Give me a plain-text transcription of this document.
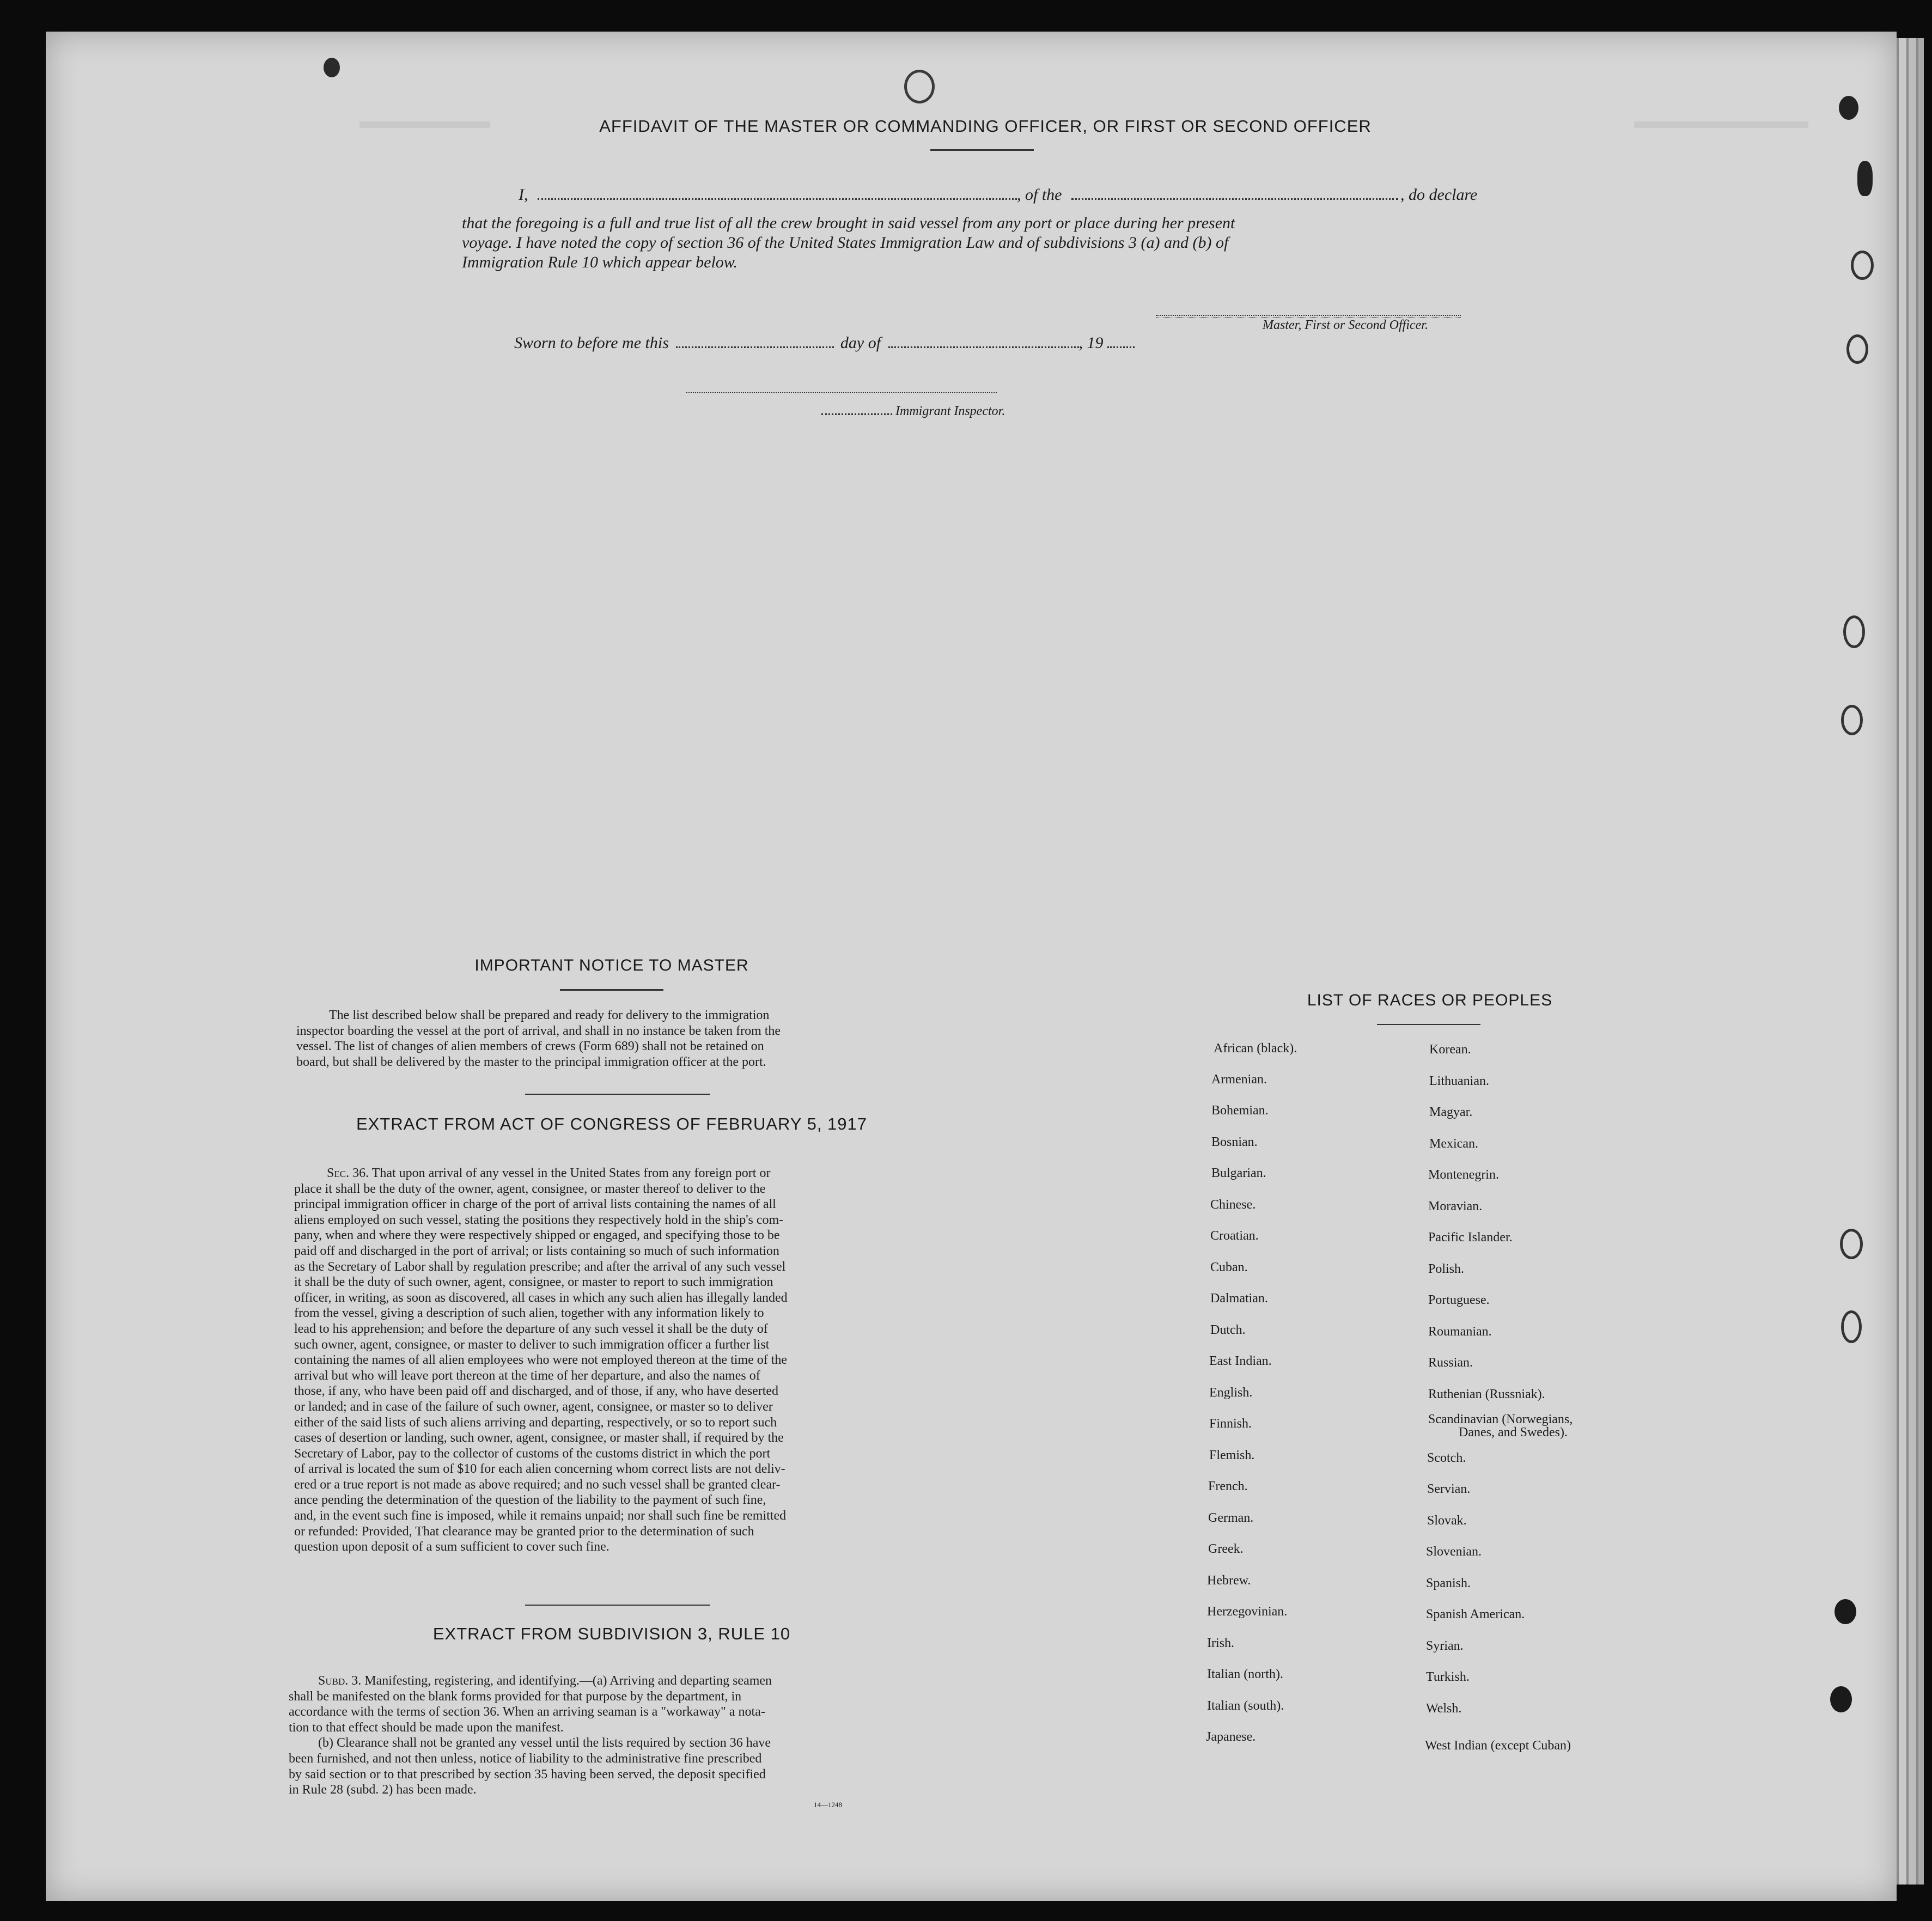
▬▬▬▬▬▬	▬▬▬▬▬▬▬▬
AFFIDAVIT OF THE MASTER OR COMMANDING OFFICER, OR FIRST OR SECOND OFFICER
I,	, of the	, do declare
that the foregoing is a full and true list of all the crew brought in said vessel from any port or place during her present
voyage. I have noted the copy of section 36 of the United States Immigration Law and of subdivisions 3 (a) and (b) of
Immigration Rule 10 which appear below.
Master, First or Second Officer.
Sworn to before me this	day of	, 19
Immigrant Inspector.
IMPORTANT NOTICE TO MASTER
The list described below shall be prepared and ready for delivery to the immigration
inspector boarding the vessel at the port of arrival, and shall in no instance be taken from the
vessel. The list of changes of alien members of crews (Form 689) shall not be retained on
board, but shall be delivered by the master to the principal immigration officer at the port.
EXTRACT FROM ACT OF CONGRESS OF FEBRUARY 5, 1917
Sec. 36. That upon arrival of any vessel in the United States from any foreign port or
place it shall be the duty of the owner, agent, consignee, or master thereof to deliver to the
principal immigration officer in charge of the port of arrival lists containing the names of all
aliens employed on such vessel, stating the positions they respectively hold in the ship's com-
pany, when and where they were respectively shipped or engaged, and specifying those to be
paid off and discharged in the port of arrival; or lists containing so much of such information
as the Secretary of Labor shall by regulation prescribe; and after the arrival of any such vessel
it shall be the duty of such owner, agent, consignee, or master to report to such immigration
officer, in writing, as soon as discovered, all cases in which any such alien has illegally landed
from the vessel, giving a description of such alien, together with any information likely to
lead to his apprehension; and before the departure of any such vessel it shall be the duty of
such owner, agent, consignee, or master to deliver to such immigration officer a further list
containing the names of all alien employees who were not employed thereon at the time of the
arrival but who will leave port thereon at the time of her departure, and also the names of
those, if any, who have been paid off and discharged, and of those, if any, who have deserted
or landed; and in case of the failure of such owner, agent, consignee, or master so to deliver
either of the said lists of such aliens arriving and departing, respectively, or so to report such
cases of desertion or landing, such owner, agent, consignee, or master shall, if required by the
Secretary of Labor, pay to the collector of customs of the customs district in which the port
of arrival is located the sum of $10 for each alien concerning whom correct lists are not deliv-
ered or a true report is not made as above required; and no such vessel shall be granted clear-
ance pending the determination of the question of the liability to the payment of such fine,
and, in the event such fine is imposed, while it remains unpaid; nor shall such fine be remitted
or refunded: Provided, That clearance may be granted prior to the determination of such
question upon deposit of a sum sufficient to cover such fine.
EXTRACT FROM SUBDIVISION 3, RULE 10
Subd. 3. Manifesting, registering, and identifying.—(a) Arriving and departing seamen
shall be manifested on the blank forms provided for that purpose by the department, in
accordance with the terms of section 36. When an arriving seaman is a "workaway" a nota-
tion to that effect should be made upon the manifest.
(b) Clearance shall not be granted any vessel until the lists required by section 36 have
been furnished, and not then unless, notice of liability to the administrative fine prescribed
by said section or to that prescribed by section 35 having been served, the deposit specified
in Rule 28 (subd. 2) has been made.
14—1248
LIST OF RACES OR PEOPLES
African (black).
Armenian.
Bohemian.
Bosnian.
Bulgarian.
Chinese.
Croatian.
Cuban.
Dalmatian.
Dutch.
East Indian.
English.
Finnish.
Flemish.
French.
German.
Greek.
Hebrew.
Herzegovinian.
Irish.
Italian (north).
Italian (south).
Japanese.
Korean.
Lithuanian.
Magyar.
Mexican.
Montenegrin.
Moravian.
Pacific Islander.
Polish.
Portuguese.
Roumanian.
Russian.
Ruthenian (Russniak).
Scandinavian (Norwegians,
Danes, and Swedes).
Scotch.
Servian.
Slovak.
Slovenian.
Spanish.
Spanish American.
Syrian.
Turkish.
Welsh.
West Indian (except Cuban)
